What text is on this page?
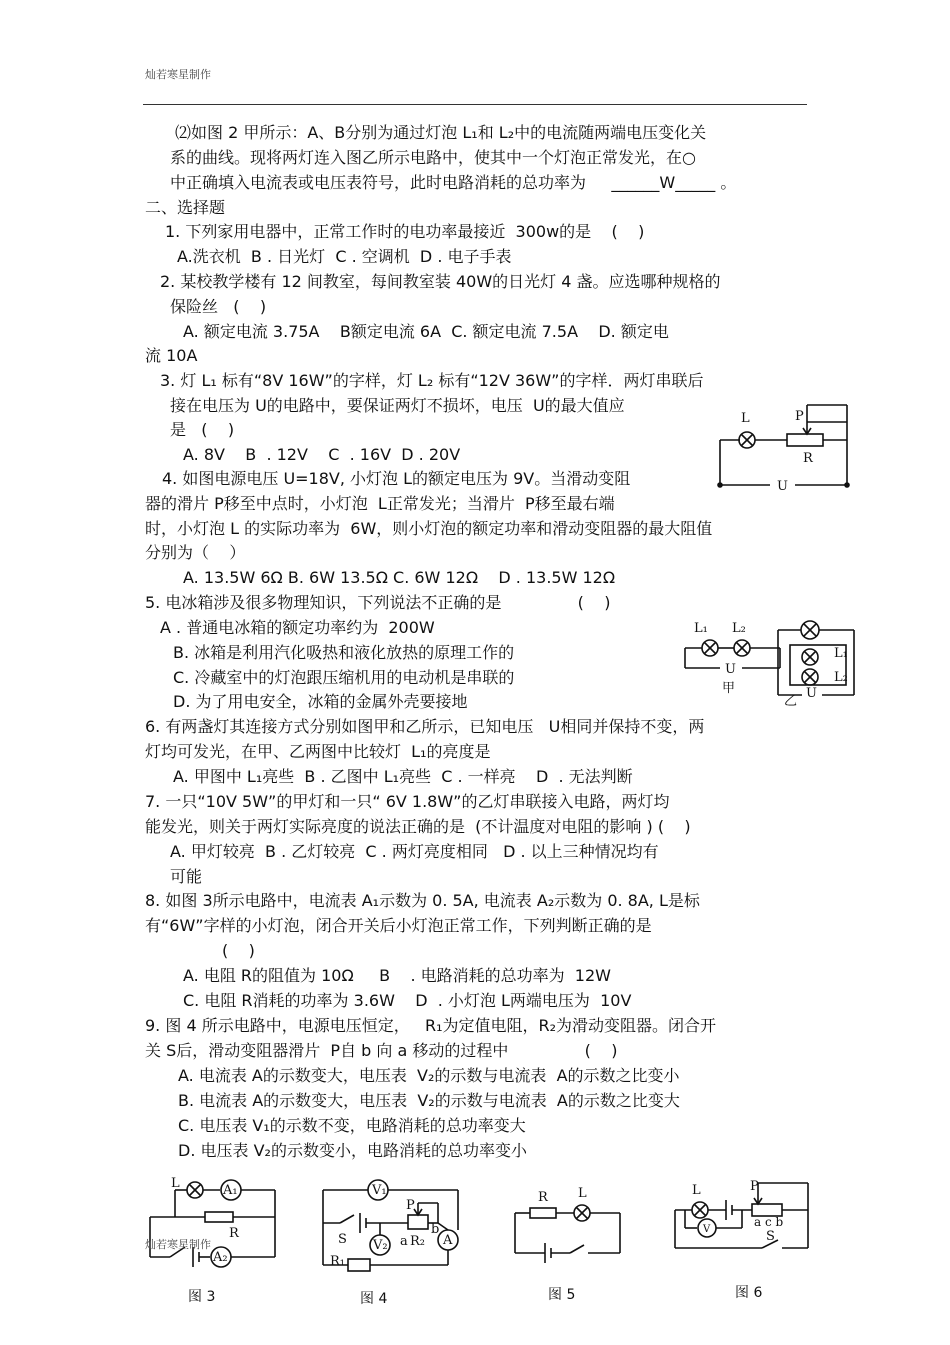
灿若寒星制作
⑵如图 2 甲所示：A、B分别为通过灯泡 L₁和 L₂中的电流随两端电压变化关
系的曲线。现将两灯连入图乙所示电路中，使其中一个灯泡正常发光，在○
中正确填入电流表或电压表符号，此时电路消耗的总功率为     ______W_____ 。
二、选择题
1. 下列家用电器中，正常工作时的电功率最接近  300w的是    (    )
A.洗衣机  B . 日光灯  C . 空调机  D . 电子手表
2. 某校教学楼有 12 间教室，每间教室装 40W的日光灯 4 盏。应选哪种规格的
保险丝   (    )
A. 额定电流 3.75A    B额定电流 6A  C. 额定电流 7.5A    D. 额定电
流 10A
3. 灯 L₁ 标有“8V 16W”的字样，灯 L₂ 标有“12V 36W”的字样．两灯串联后
接在电压为 U的电路中，要保证两灯不损坏，电压  U的最大值应
是   (    )
A. 8V    B  . 12V    C  . 16V  D . 20V
4. 如图电源电压 U=18V, 小灯泡 L的额定电压为 9V。当滑动变阻
器的滑片 P移至中点时，小灯泡  L正常发光；当滑片  P移至最右端
时，小灯泡 L 的实际功率为  6W，则小灯泡的额定功率和滑动变阻器的最大阻值
分别为（    ）
A. 13.5W 6Ω B. 6W 13.5Ω C. 6W 12Ω    D . 13.5W 12Ω
5. 电冰箱涉及很多物理知识，下列说法不正确的是               (    )
A . 普通电冰箱的额定功率约为  200W
B. 冰箱是利用汽化吸热和液化放热的原理工作的
C. 冷藏室中的灯泡跟压缩机用的电动机是串联的
D. 为了用电安全，冰箱的金属外壳要接地
6. 有两盏灯其连接方式分别如图甲和乙所示，已知电压   U相同并保持不变，两
灯均可发光，在甲、乙两图中比较灯  L₁的亮度是
A. 甲图中 L₁亮些  B . 乙图中 L₁亮些  C . 一样亮    D  . 无法判断
7. 一只“10V 5W”的甲灯和一只“ 6V 1.8W”的乙灯串联接入电路，两灯均
能发光，则关于两灯实际亮度的说法正确的是  (不计温度对电阻的影响 ) (    )
A. 甲灯较亮  B . 乙灯较亮  C . 两灯亮度相同   D . 以上三种情况均有
可能
8. 如图 3所示电路中，电流表 A₁示数为 0. 5A, 电流表 A₂示数为 0. 8A, L是标
有“6W”字样的小灯泡，闭合开关后小灯泡正常工作，下列判断正确的是
(    )
A. 电阻 R的阻值为 10Ω     B    . 电路消耗的总功率为  12W
C. 电阻 R消耗的功率为 3.6W    D  . 小灯泡 L两端电压为  10V
9. 图 4 所示电路中，电源电压恒定，   R₁为定值电阻，R₂为滑动变阻器。闭合开
关 S后，滑动变阻器滑片  P自 b 向 a 移动的过程中               (    )
A. 电流表 A的示数变大，电压表  V₂的示数与电流表  A的示数之比变小
B. 电流表 A的示数变大，电压表  V₂的示数与电流表  A的示数之比变大
C. 电压表 V₁的示数不变，电路消耗的总功率变大
D. 电压表 V₂的示数变小，电路消耗的总功率变小
L	P
R
U
L₁ L₂
U
甲
L₁
L₂
U
乙
L	A₁
R
A₂
图 3
V₁
S
P
b
a R₂ A
V₂
R₁
图 4
R L
图 5
L	P
a c b
V	S
图 6
灿若寒星制作
